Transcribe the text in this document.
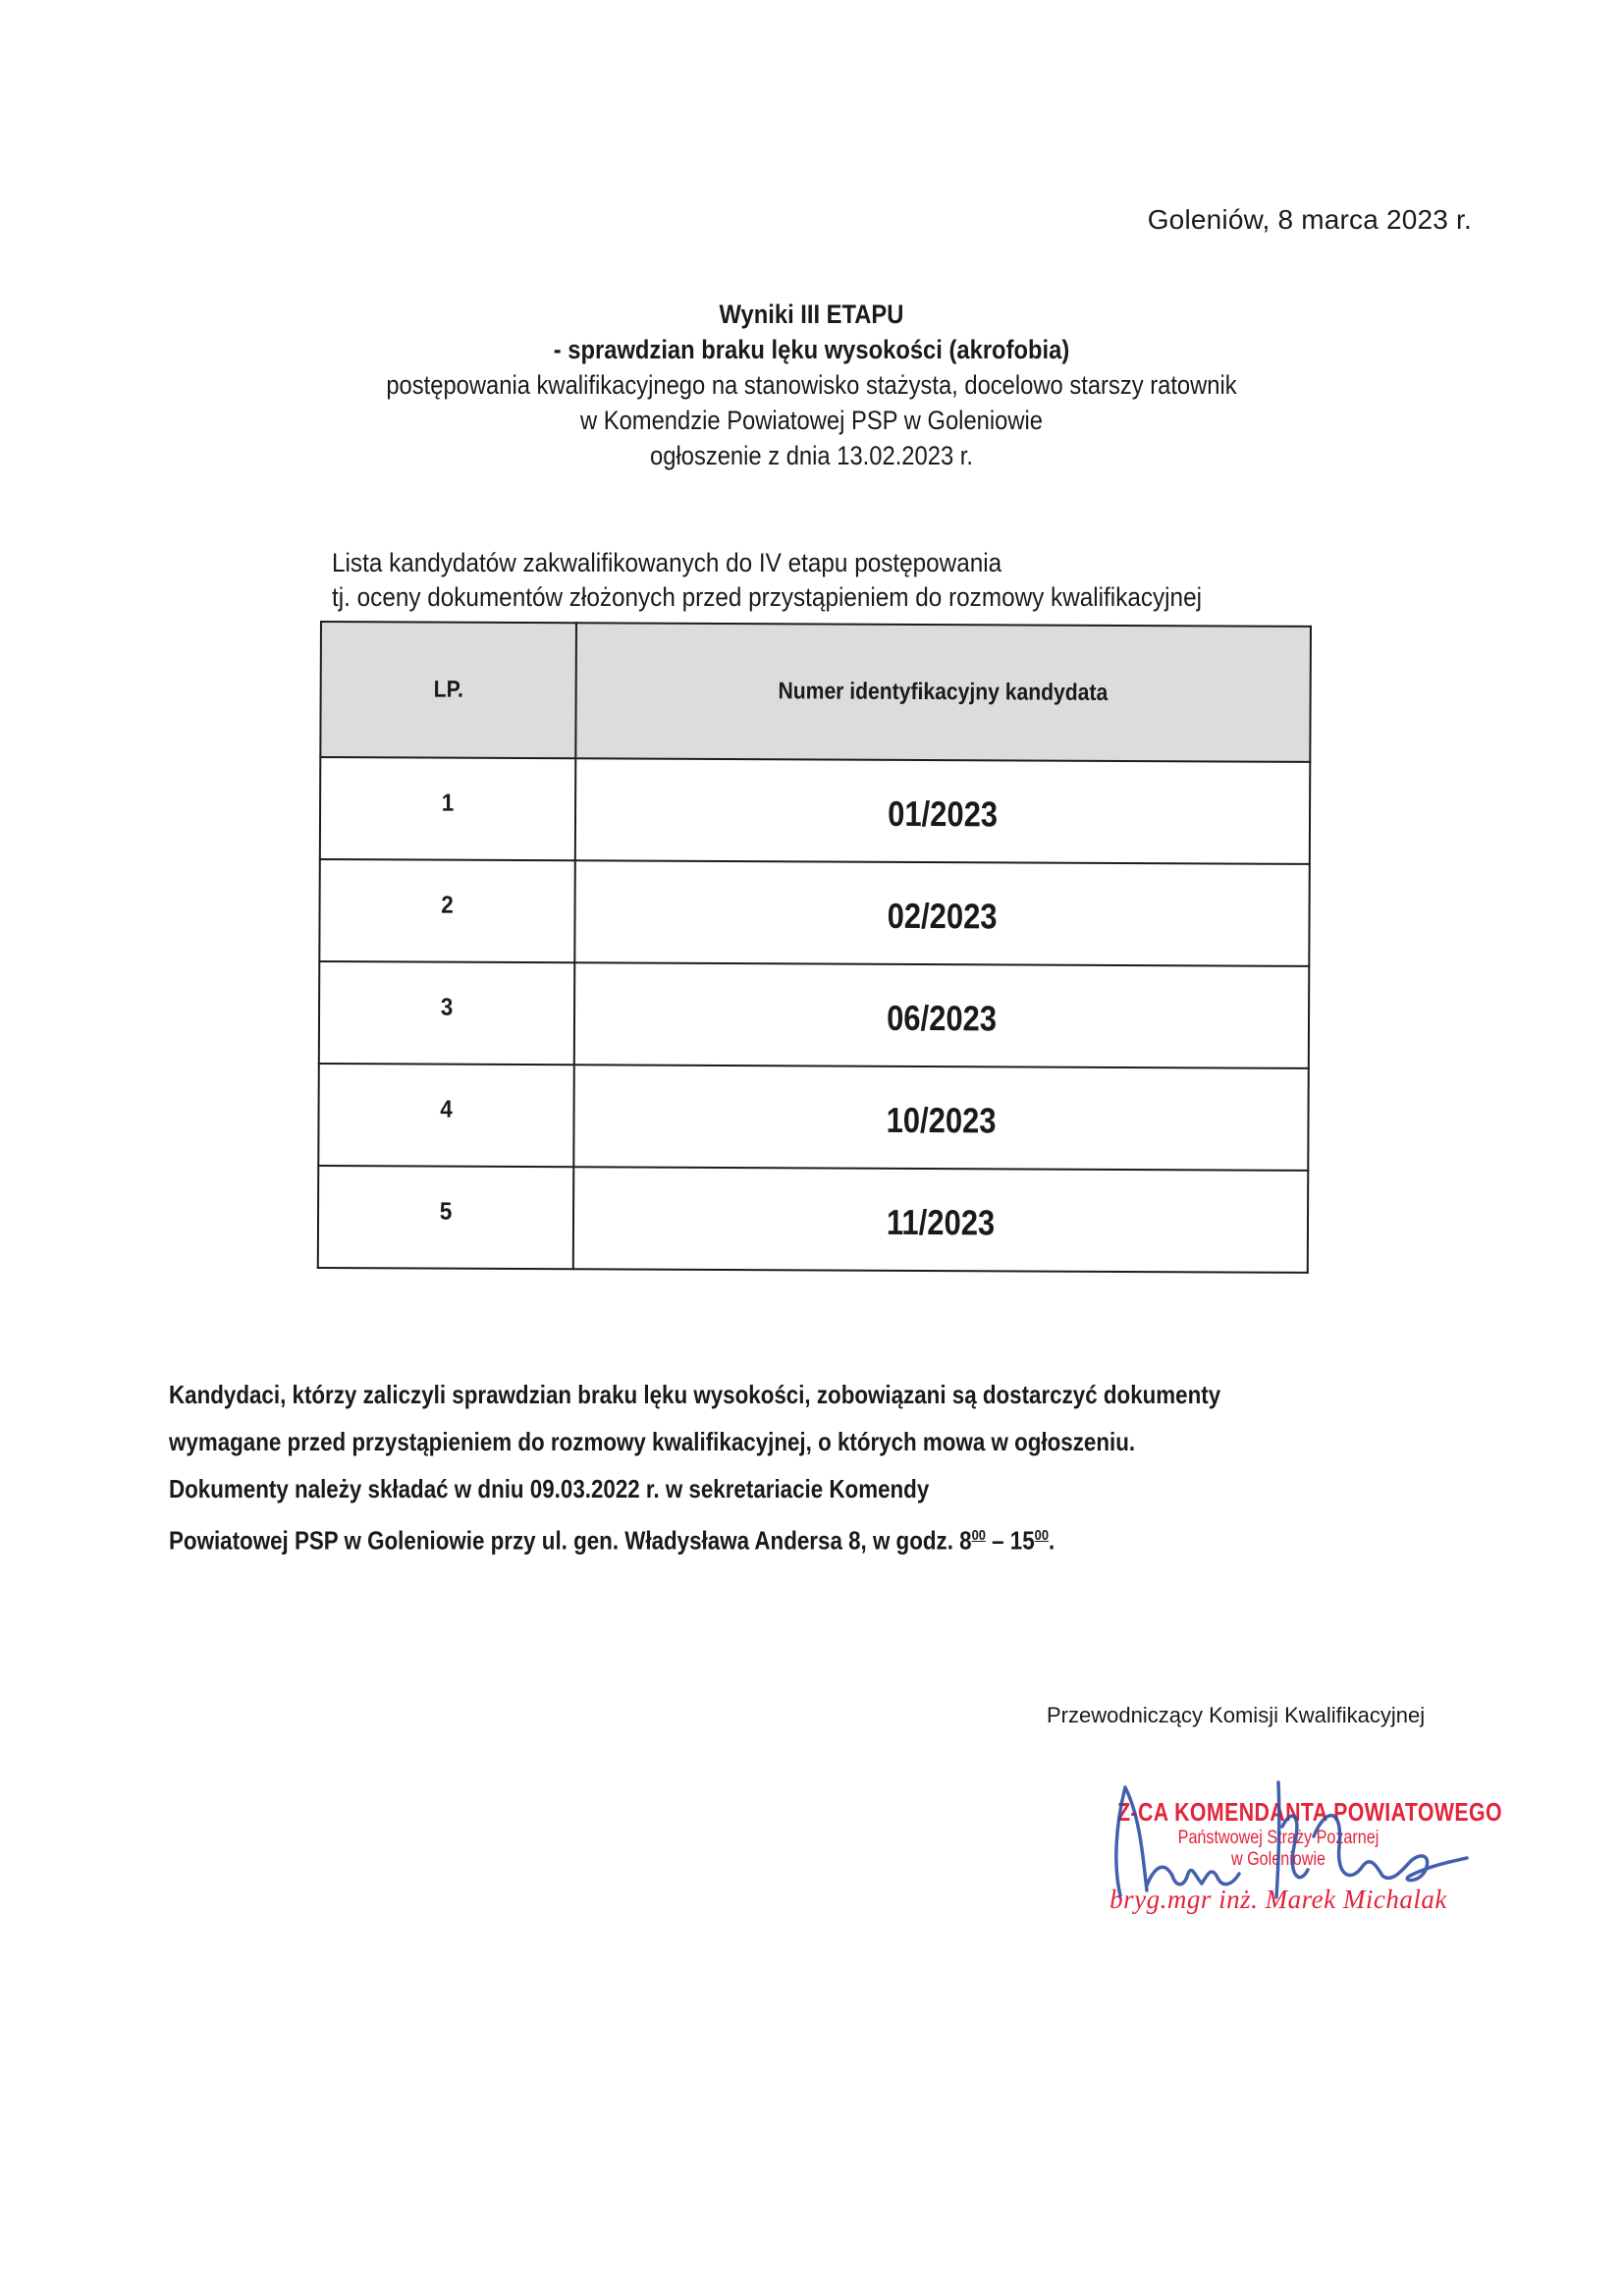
Goleniów, 8 marca 2023 r.
Wyniki III ETAPU
- sprawdzian braku lęku wysokości (akrofobia)
postępowania kwalifikacyjnego na stanowisko stażysta, docelowo starszy ratownik
w Komendzie Powiatowej PSP w Goleniowie
ogłoszenie z dnia 13.02.2023 r.
Lista kandydatów zakwalifikowanych do IV etapu postępowania
tj. oceny dokumentów złożonych przed przystąpieniem do rozmowy kwalifikacyjnej
LP.	Numer identyfikacyjny kandydata
1	01/2023
2	02/2023
3	06/2023
4	10/2023
5	11/2023
Kandydaci, którzy zaliczyli sprawdzian braku lęku wysokości, zobowiązani są dostarczyć dokumenty
wymagane przed przystąpieniem do rozmowy kwalifikacyjnej, o których mowa w ogłoszeniu.
Dokumenty należy składać w dniu 09.03.2022 r. w sekretariacie Komendy
Powiatowej PSP w Goleniowie przy ul. gen. Władysława Andersa 8, w godz. $8^{00} - 15^{00}$.
Przewodniczący Komisji Kwalifikacyjnej
Z-CA KOMENDANTA POWIATOWEGO
Państwowej Straży Pożarnej
w Goleniowie
bryg.mgr inż. Marek Michalak
